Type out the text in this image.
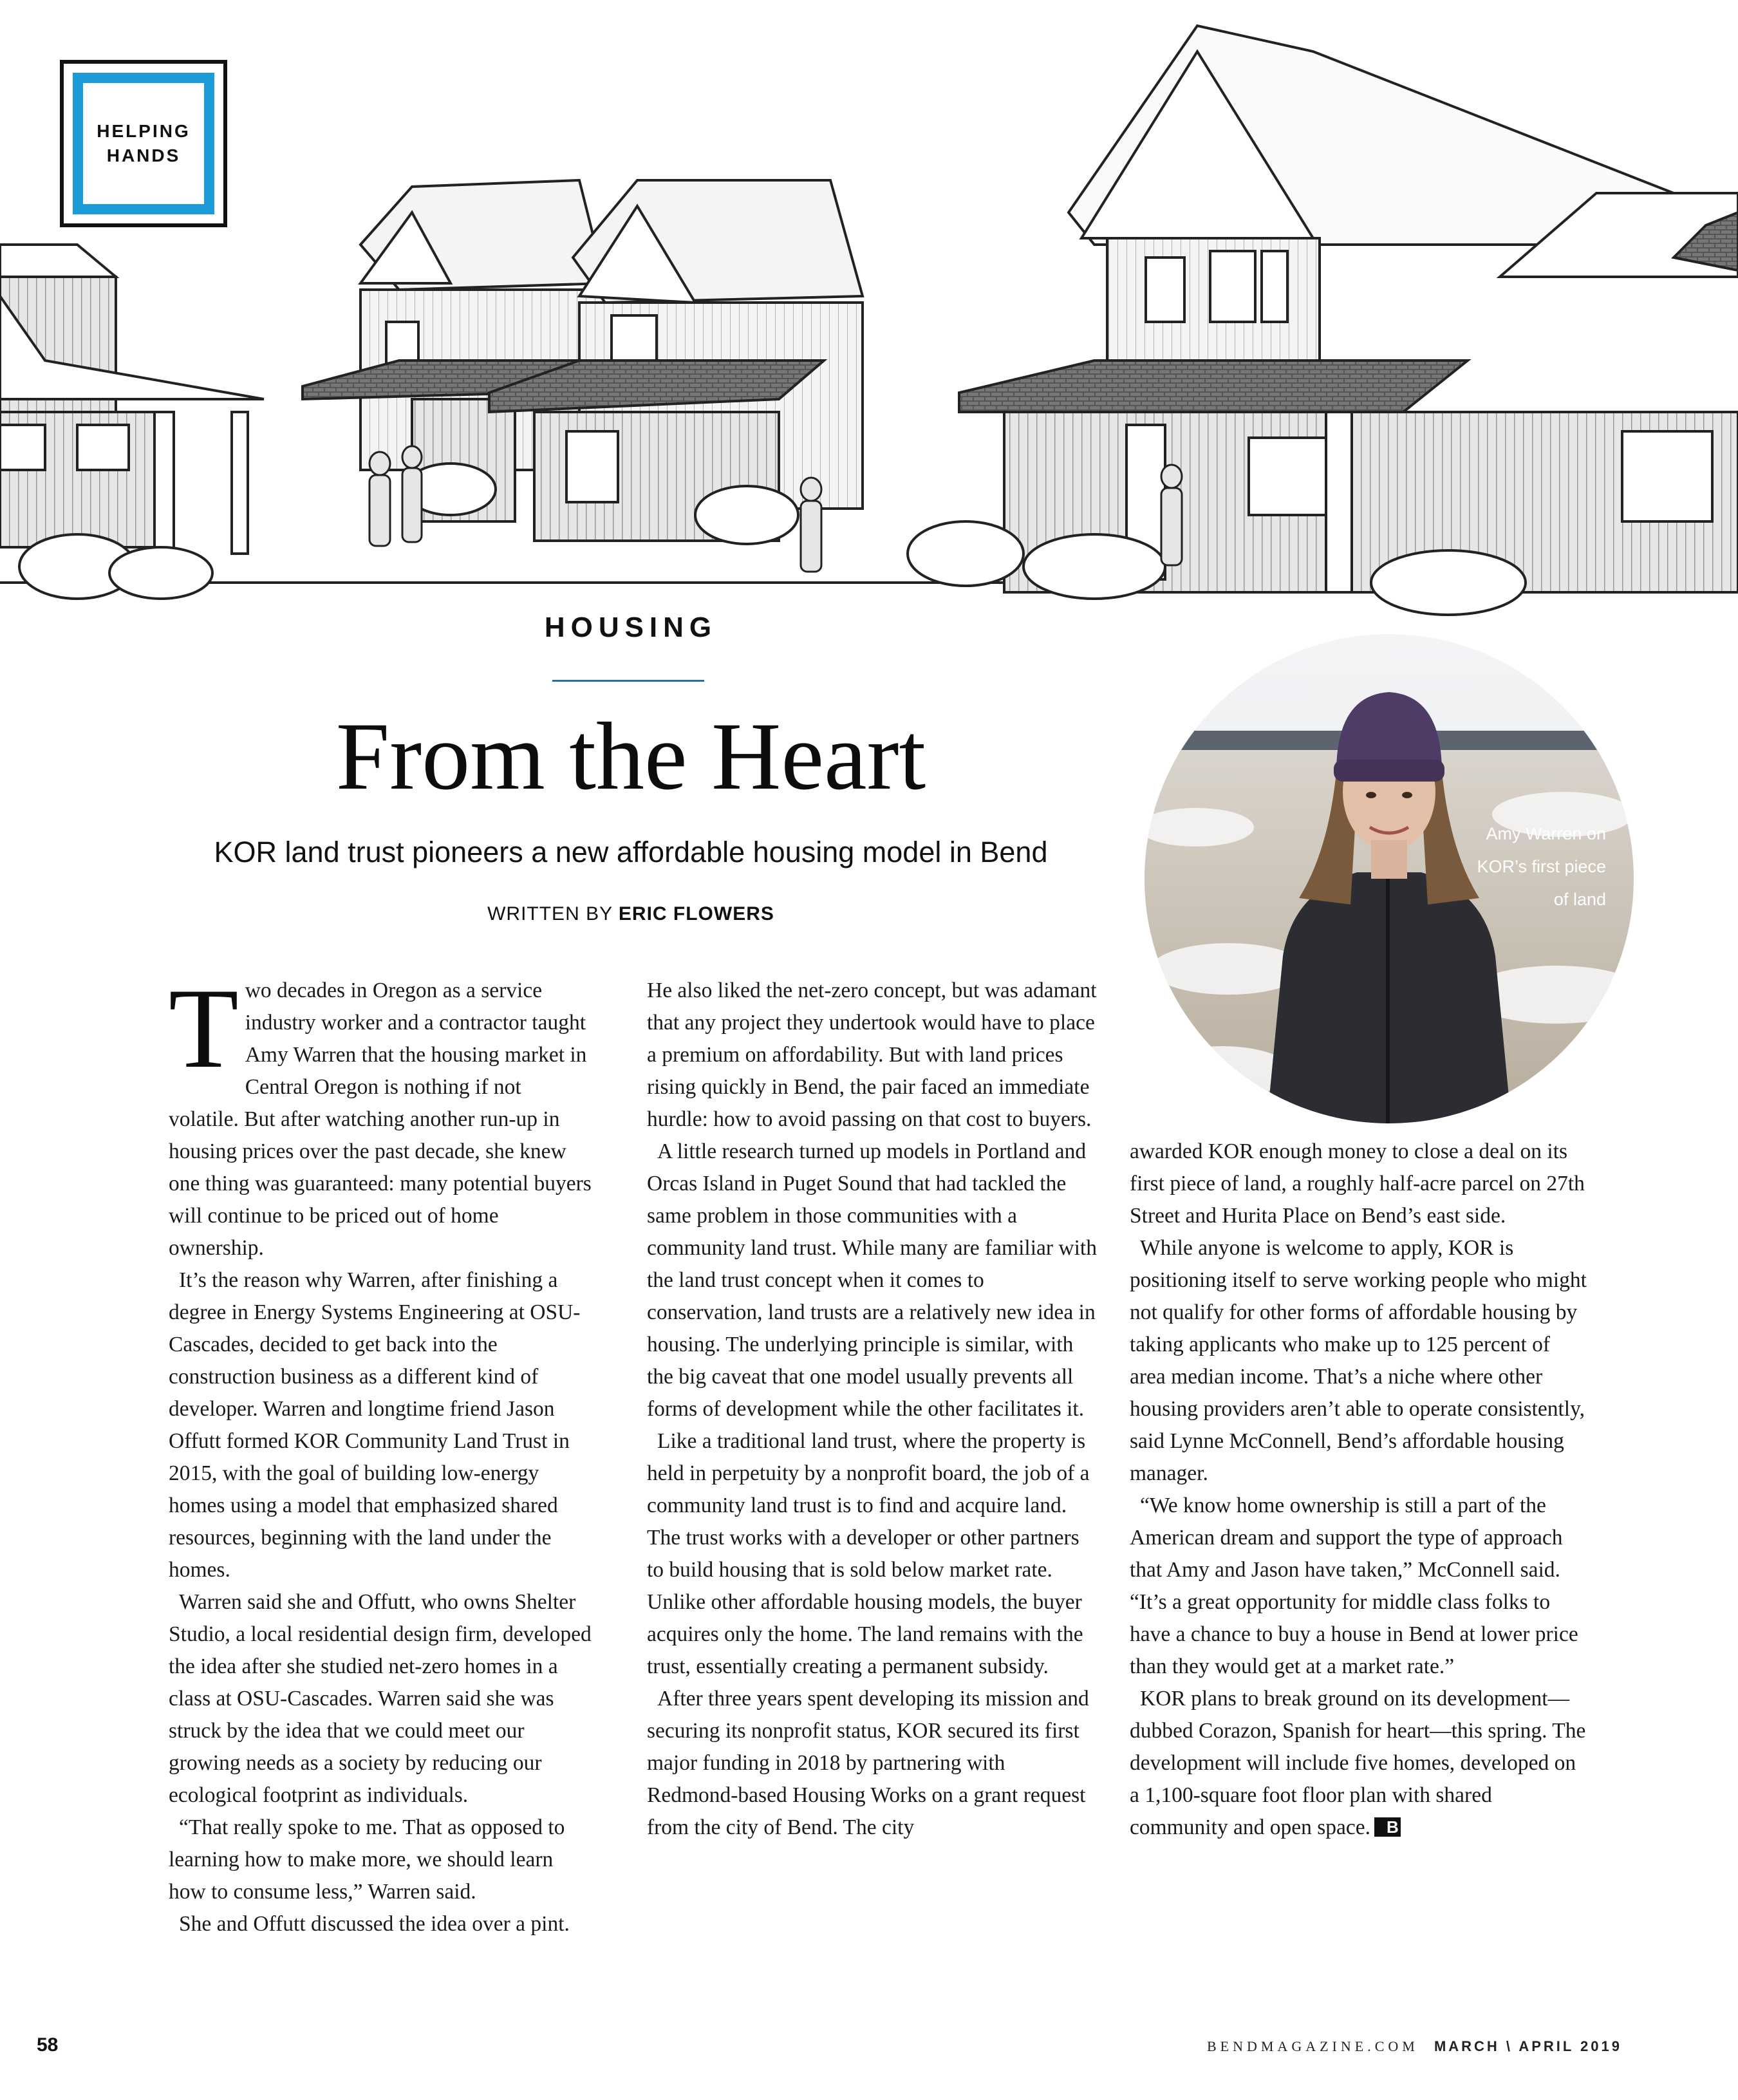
HELPING
HANDS
HOUSING
From the Heart
KOR land trust pioneers a new affordable housing model in Bend
WRITTEN BY ERIC FLOWERS
Amy Warren on
KOR’s first piece
of land

Two decades in Oregon as a service industry worker and a contractor taught Amy Warren that the housing market in Central Oregon is nothing if not volatile. But after watching another run-up in housing prices over the past decade, she knew one thing was guaranteed: many potential buyers will continue to be priced out of home ownership.

It’s the reason why Warren, after finishing a degree in Energy Systems Engineering at OSU-Cascades, decided to get back into the construction business as a different kind of developer. Warren and longtime friend Jason Offutt formed KOR Community Land Trust in 2015, with the goal of building low-energy homes using a model that emphasized shared resources, beginning with the land under the homes.

Warren said she and Offutt, who owns Shelter Studio, a local residential design firm, developed the idea after she studied net-zero homes in a class at OSU-Cascades. Warren said she was struck by the idea that we could meet our growing needs as a society by reducing our ecological footprint as individuals.

“That really spoke to me. That as opposed to learning how to make more, we should learn how to consume less,” Warren said.

She and Offutt discussed the idea over a pint.

He also liked the net-zero concept, but was adamant that any project they undertook would have to place a premium on affordability. But with land prices rising quickly in Bend, the pair faced an immediate hurdle: how to avoid passing on that cost to buyers.

A little research turned up models in Portland and Orcas Island in Puget Sound that had tackled the same problem in those communities with a community land trust. While many are familiar with the land trust concept when it comes to conservation, land trusts are a relatively new idea in housing. The underlying principle is similar, with the big caveat that one model usually prevents all forms of development while the other facilitates it.

Like a traditional land trust, where the property is held in perpetuity by a nonprofit board, the job of a community land trust is to find and acquire land. The trust works with a developer or other partners to build housing that is sold below market rate. Unlike other affordable housing models, the buyer acquires only the home. The land remains with the trust, essentially creating a permanent subsidy.

After three years spent developing its mission and securing its nonprofit status, KOR secured its first major funding in 2018 by partnering with Redmond-based Housing Works on a grant request from the city of Bend. The city

awarded KOR enough money to close a deal on its first piece of land, a roughly half-acre parcel on 27th Street and Hurita Place on Bend’s east side.

While anyone is welcome to apply, KOR is positioning itself to serve working people who might not qualify for other forms of affordable housing by taking applicants who make up to 125 percent of area median income. That’s a niche where other housing providers aren’t able to operate consistently, said Lynne McConnell, Bend’s affordable housing manager.

“We know home ownership is still a part of the American dream and support the type of approach that Amy and Jason have taken,” McConnell said. “It’s a great opportunity for middle class folks to have a chance to buy a house in Bend at lower price than they would get at a market rate.”

KOR plans to break ground on its development—dubbed Corazon, Spanish for heart—this spring. The development will include five homes, developed on a 1,100-square foot floor plan with shared community and open space. B

58	BENDMAGAZINE.COM MARCH \ APRIL 2019
